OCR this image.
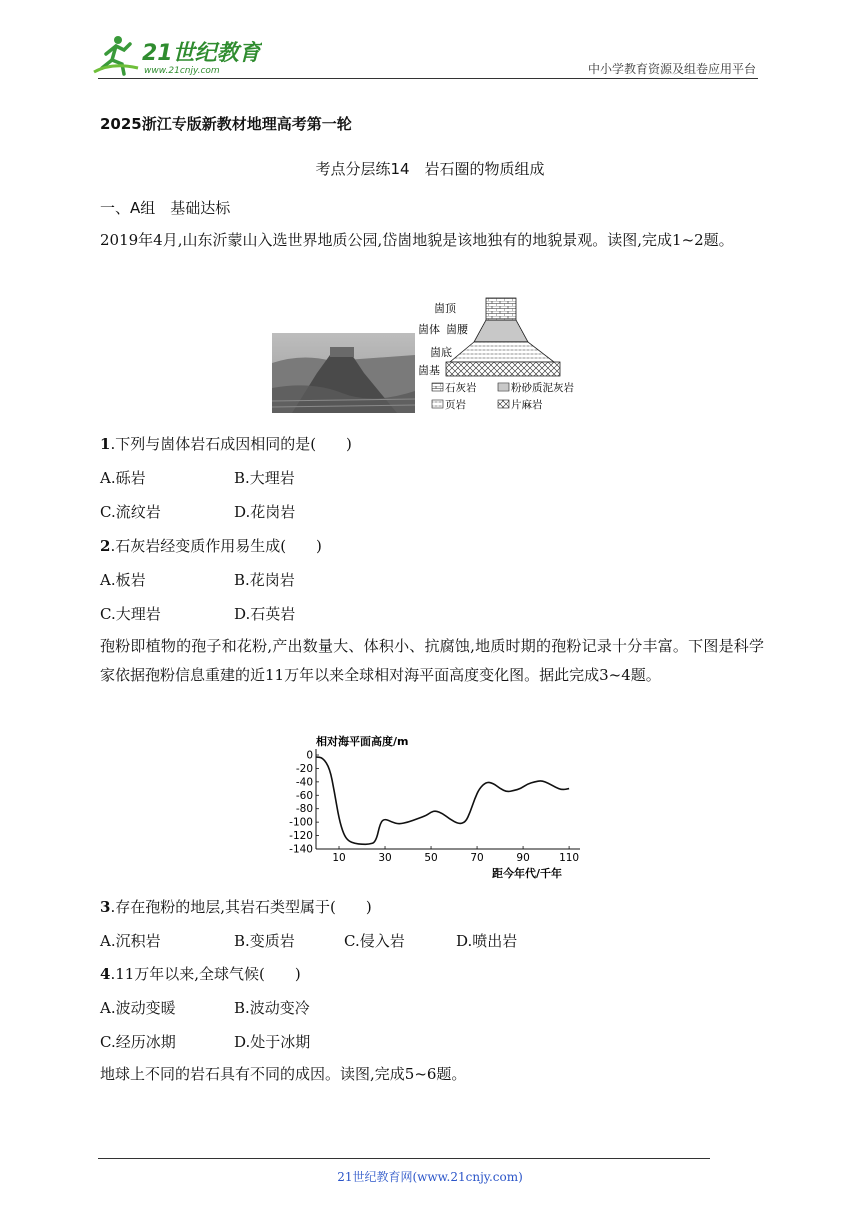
21世纪教育
www.21cnjy.com	中小学教育资源及组卷应用平台
2025浙江专版新教材地理高考第一轮
考点分层练14　岩石圈的物质组成
一、A组　基础达标
2019年4月,山东沂蒙山入选世界地质公园,岱崮地貌是该地独有的地貌景观。读图,完成1~2题。
崮顶
崮体 崮腰
崮底
崮基
石灰岩	粉砂质泥灰岩
页岩	片麻岩
1.下列与崮体岩石成因相同的是(　　)
A.砾岩	B.大理岩
C.流纹岩	D.花岗岩
2.石灰岩经变质作用易生成(　　)
A.板岩	B.花岗岩
C.大理岩	D.石英岩
孢粉即植物的孢子和花粉,产出数量大、体积小、抗腐蚀,地质时期的孢粉记录十分丰富。下图是科学家依据孢粉信息重建的近11万年以来全球相对海平面高度变化图。据此完成3~4题。
相对海平面高度/m
距今年代/千年
0
-20
-40
-60
-80
-100
-120
-140
10	30	50	70	90	110
3.存在孢粉的地层,其岩石类型属于(　　)
A.沉积岩	B.变质岩	C.侵入岩	D.喷出岩
4.11万年以来,全球气候(　　)
A.波动变暖	B.波动变冷
C.经历冰期	D.处于冰期
地球上不同的岩石具有不同的成因。读图,完成5~6题。
21世纪教育网(www.21cnjy.com)
